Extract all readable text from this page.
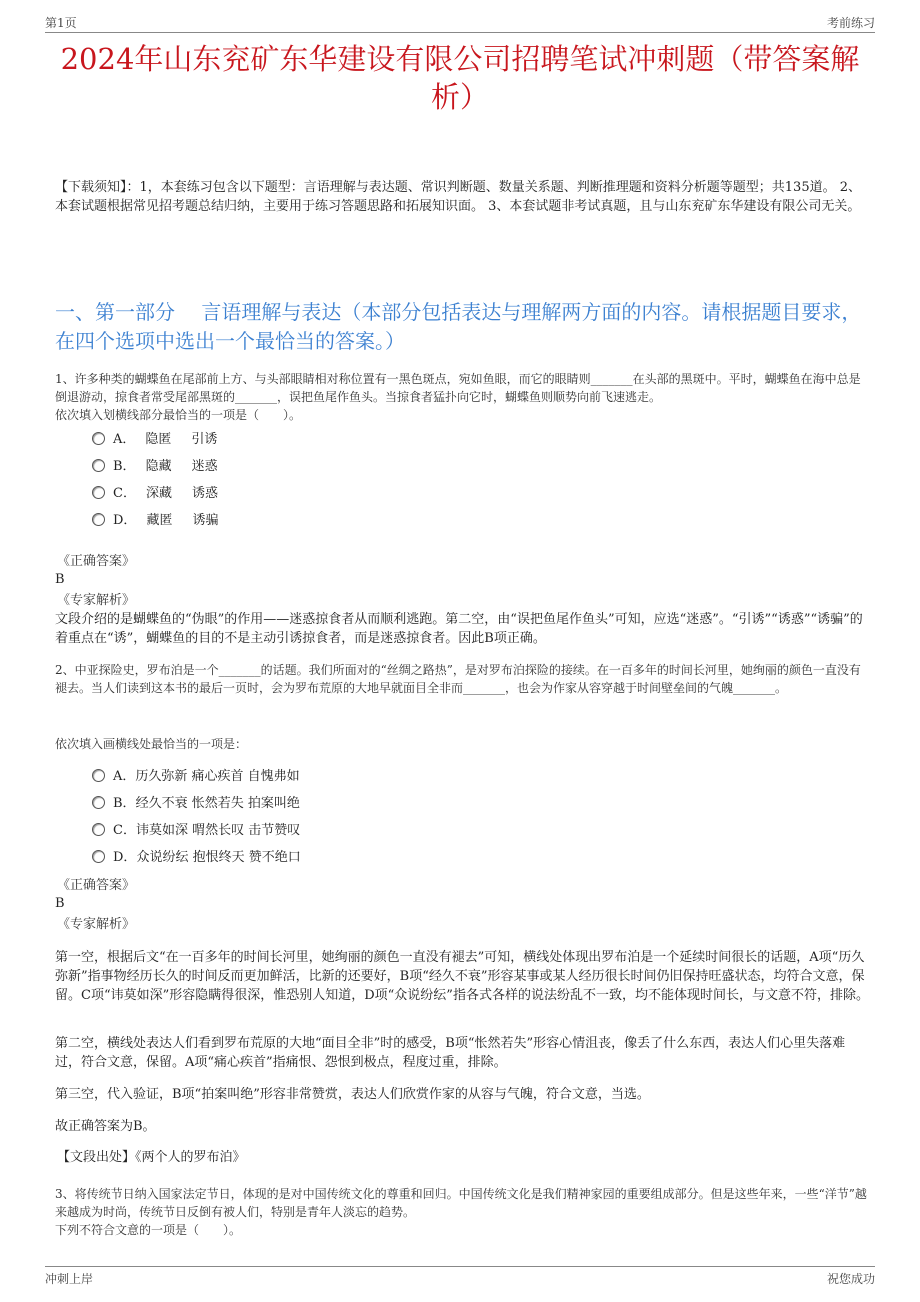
第1页	考前练习
2024年山东兖矿东华建设有限公司招聘笔试冲刺题（带答案解析）
【下载须知】：1，本套练习包含以下题型：言语理解与表达题、常识判断题、数量关系题、判断推理题和资料分析题等题型；共135道。 2、本套试题根据常见招考题总结归纳，主要用于练习答题思路和拓展知识面。 3、本套试题非考试真题，且与山东兖矿东华建设有限公司无关。
一、第一部分　 言语理解与表达（本部分包括表达与理解两方面的内容。请根据题目要求，在四个选项中选出一个最恰当的答案。）
1、许多种类的蝴蝶鱼在尾部前上方、与头部眼睛相对称位置有一黑色斑点，宛如鱼眼，而它的眼睛则_______在头部的黑斑中。平时，蝴蝶鱼在海中总是倒退游动，掠食者常受尾部黑斑的_______，误把鱼尾作鱼头。当掠食者猛扑向它时，蝴蝶鱼则顺势向前飞速逃走。
依次填入划横线部分最恰当的一项是（　　）。
A． 隐匿 引诱
B． 隐藏 迷惑
C． 深藏 诱惑
D． 藏匿 诱骗
《正确答案》
B
《专家解析》
文段介绍的是蝴蝶鱼的“伪眼”的作用——迷惑掠食者从而顺利逃跑。第二空，由“误把鱼尾作鱼头”可知，应选“迷惑”。“引诱”“诱惑”“诱骗”的着重点在“诱”，蝴蝶鱼的目的不是主动引诱掠食者，而是迷惑掠食者。因此B项正确。
2、中亚探险史，罗布泊是一个_______的话题。我们所面对的“丝绸之路热”，是对罗布泊探险的接续。在一百多年的时间长河里，她绚丽的颜色一直没有褪去。当人们读到这本书的最后一页时，会为罗布荒原的大地早就面目全非而_______，也会为作家从容穿越于时间壁垒间的气魄_______。
依次填入画横线处最恰当的一项是：
A．历久弥新 痛心疾首 自愧弗如
B．经久不衰 怅然若失 拍案叫绝
C．讳莫如深 喟然长叹 击节赞叹
D．众说纷纭 抱恨终天 赞不绝口
《正确答案》
B
《专家解析》
第一空，根据后文“在一百多年的时间长河里，她绚丽的颜色一直没有褪去”可知，横线处体现出罗布泊是一个延续时间很长的话题，A项“历久弥新”指事物经历长久的时间反而更加鲜活，比新的还要好，B项“经久不衰”形容某事或某人经历很长时间仍旧保持旺盛状态，均符合文意，保留。C项“讳莫如深”形容隐瞒得很深，惟恐别人知道，D项“众说纷纭”指各式各样的说法纷乱不一致，均不能体现时间长，与文意不符，排除。
第二空，横线处表达人们看到罗布荒原的大地“面目全非”时的感受，B项“怅然若失”形容心情沮丧，像丢了什么东西，表达人们心里失落难过，符合文意，保留。A项“痛心疾首”指痛恨、怨恨到极点，程度过重，排除。
第三空，代入验证，B项“拍案叫绝”形容非常赞赏，表达人们欣赏作家的从容与气魄，符合文意，当选。
故正确答案为B。
【文段出处】《两个人的罗布泊》
3、将传统节日纳入国家法定节日，体现的是对中国传统文化的尊重和回归。中国传统文化是我们精神家园的重要组成部分。但是这些年来，一些“洋节”越来越成为时尚，传统节日反倒有被人们，特别是青年人淡忘的趋势。
下列不符合文意的一项是（　　）。
冲刺上岸	祝您成功
